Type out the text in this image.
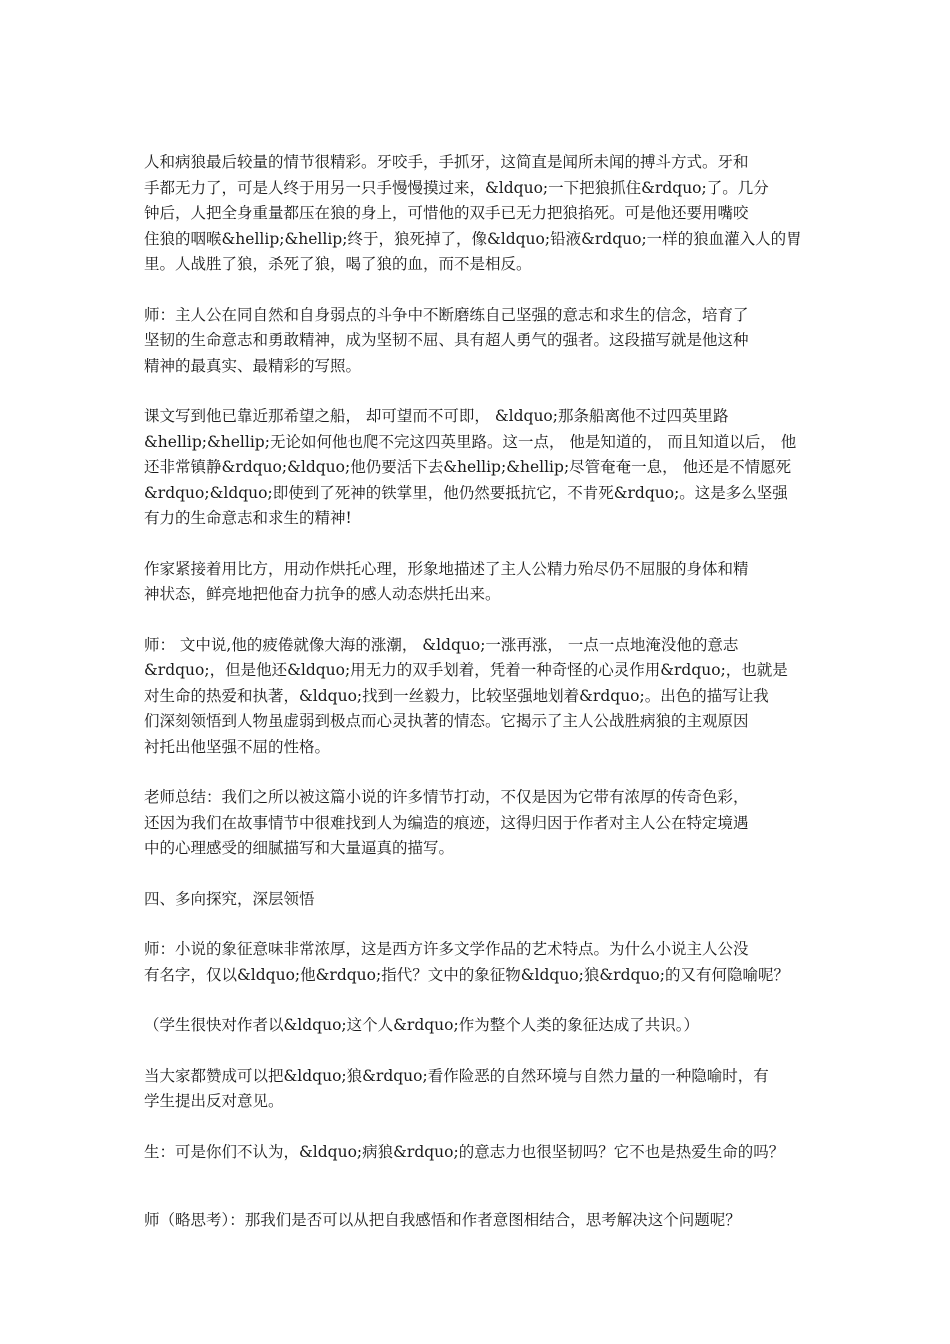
人和病狼最后较量的情节很精彩。牙咬手，手抓牙，这简直是闻所未闻的搏斗方式。牙和
手都无力了，可是人终于用另一只手慢慢摸过来，&ldquo;一下把狼抓住&rdquo;了。几分
钟后，人把全身重量都压在狼的身上，可惜他的双手已无力把狼掐死。可是他还要用嘴咬
住狼的咽喉&hellip;&hellip;终于，狼死掉了，像&ldquo;铅液&rdquo;一样的狼血灌入人的胃
里。人战胜了狼，杀死了狼，喝了狼的血，而不是相反。

师：主人公在同自然和自身弱点的斗争中不断磨练自己坚强的意志和求生的信念，培育了
坚韧的生命意志和勇敢精神，成为坚韧不屈、具有超人勇气的强者。这段描写就是他这种
精神的最真实、最精彩的写照。

课文写到他已靠近那希望之船， 却可望而不可即， &ldquo;那条船离他不过四英里路
&hellip;&hellip;无论如何他也爬不完这四英里路。这一点， 他是知道的， 而且知道以后， 他
还非常镇静&rdquo;&ldquo;他仍要活下去&hellip;&hellip;尽管奄奄一息， 他还是不情愿死
&rdquo;&ldquo;即使到了死神的铁掌里，他仍然要抵抗它，不肯死&rdquo;。这是多么坚强
有力的生命意志和求生的精神!

作家紧接着用比方，用动作烘托心理，形象地描述了主人公精力殆尽仍不屈服的身体和精
神状态，鲜亮地把他奋力抗争的感人动态烘托出来。

师： 文中说,他的疲倦就像大海的涨潮， &ldquo;一涨再涨， 一点一点地淹没他的意志
&rdquo;，但是他还&ldquo;用无力的双手划着，凭着一种奇怪的心灵作用&rdquo;，也就是
对生命的热爱和执著，&ldquo;找到一丝毅力，比较坚强地划着&rdquo;。出色的描写让我
们深刻领悟到人物虽虚弱到极点而心灵执著的情态。它揭示了主人公战胜病狼的主观原因
衬托出他坚强不屈的性格。

老师总结：我们之所以被这篇小说的许多情节打动，不仅是因为它带有浓厚的传奇色彩，
还因为我们在故事情节中很难找到人为编造的痕迹，这得归因于作者对主人公在特定境遇
中的心理感受的细腻描写和大量逼真的描写。

四、多向探究，深层领悟

师：小说的象征意味非常浓厚，这是西方许多文学作品的艺术特点。为什么小说主人公没
有名字，仅以&ldquo;他&rdquo;指代？文中的象征物&ldquo;狼&rdquo;的又有何隐喻呢？

（学生很快对作者以&ldquo;这个人&rdquo;作为整个人类的象征达成了共识。）

当大家都赞成可以把&ldquo;狼&rdquo;看作险恶的自然环境与自然力量的一种隐喻时，有
学生提出反对意见。

生：可是你们不认为，&ldquo;病狼&rdquo;的意志力也很坚韧吗？它不也是热爱生命的吗？

师（略思考）：那我们是否可以从把自我感悟和作者意图相结合，思考解决这个问题呢？
